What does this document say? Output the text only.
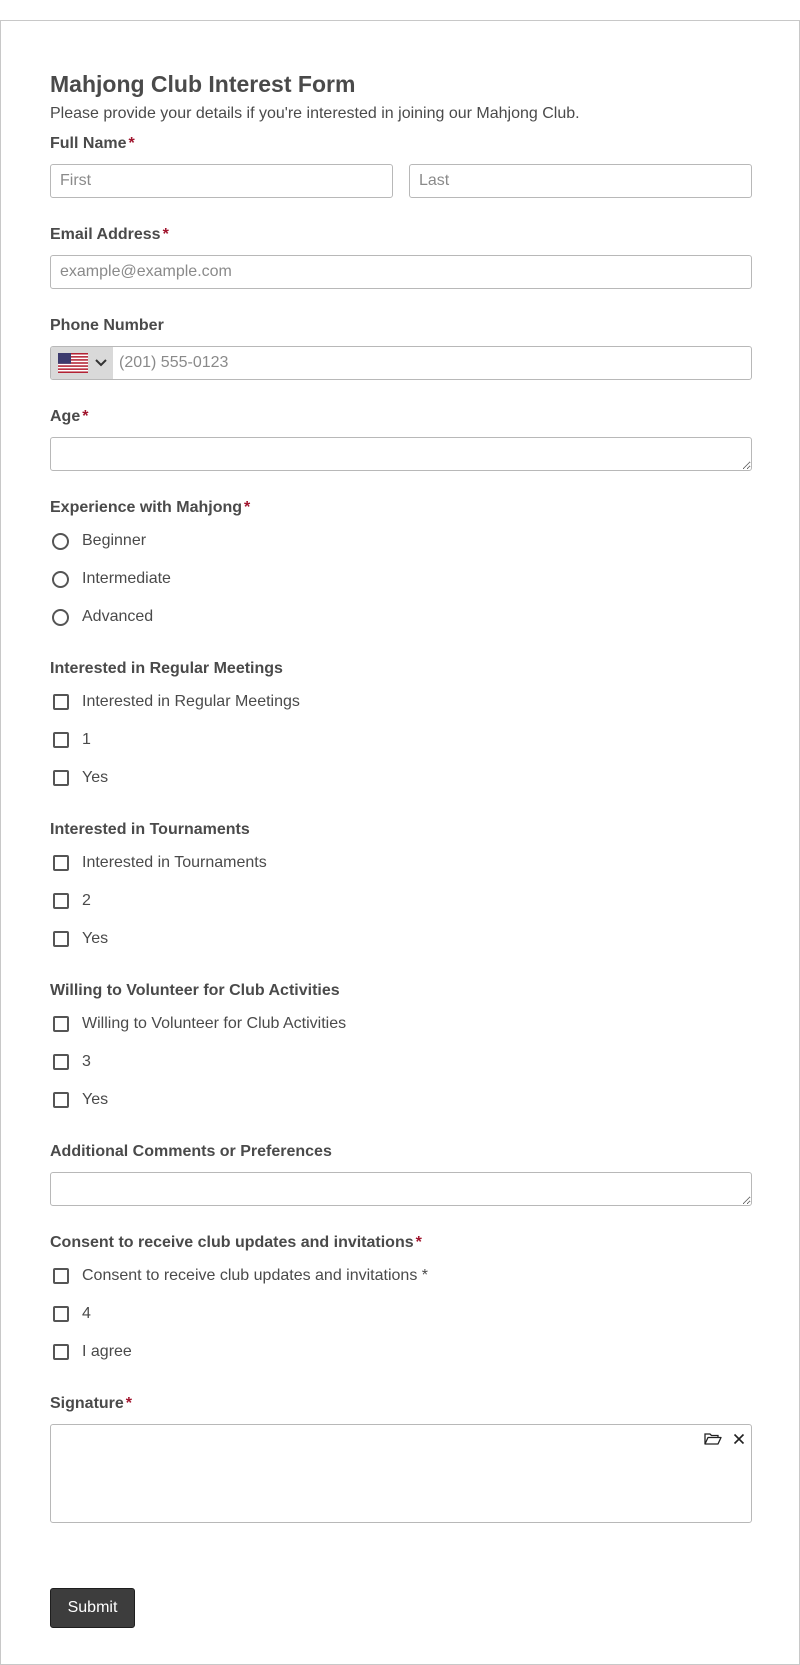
Mahjong Club Interest Form
Please provide your details if you're interested in joining our Mahjong Club.
Full Name *
First
Last
Email Address *
example@example.com
Phone Number
(201) 555-0123
Age *
Experience with Mahjong *
Beginner
Intermediate
Advanced
Interested in Regular Meetings
Interested in Regular Meetings
1
Yes
Interested in Tournaments
Interested in Tournaments
2
Yes
Willing to Volunteer for Club Activities
Willing to Volunteer for Club Activities
3
Yes
Additional Comments or Preferences
Consent to receive club updates and invitations *
Consent to receive club updates and invitations *
4
I agree
Signature *
Submit
